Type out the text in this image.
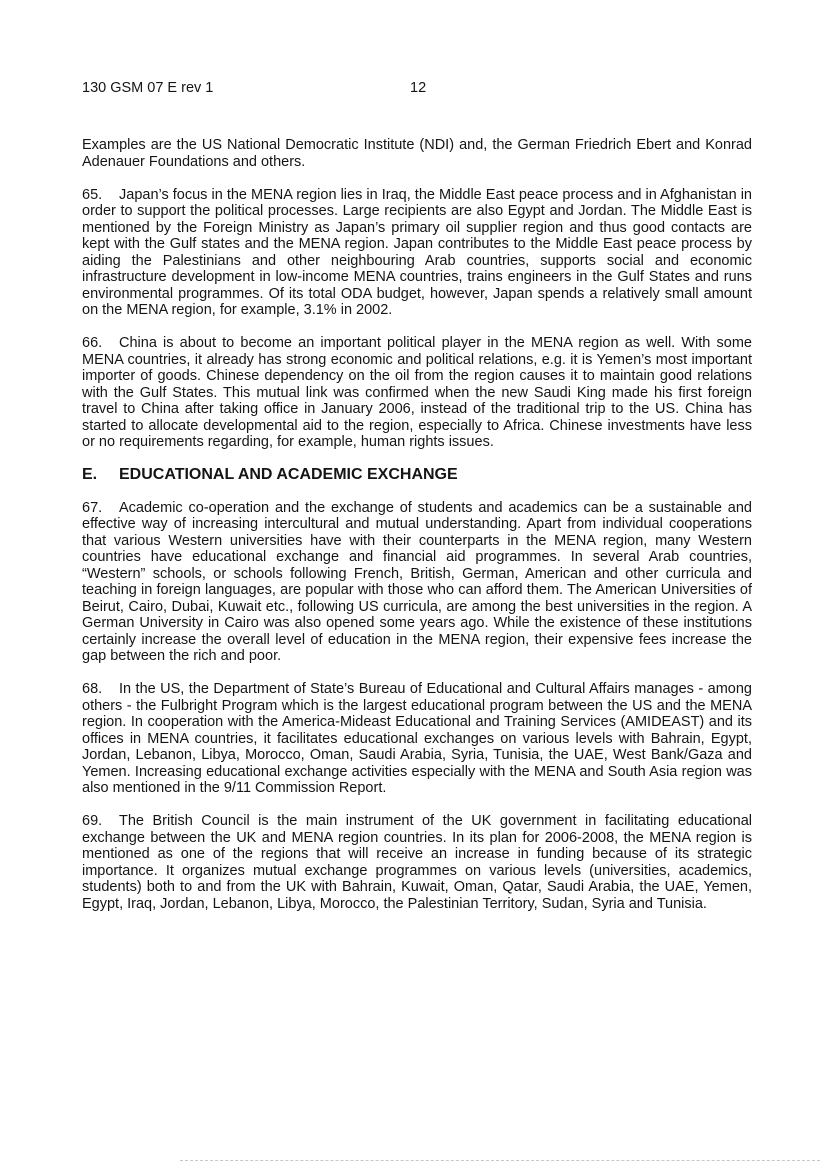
130 GSM 07 E rev 1	12

Examples are the US National Democratic Institute (NDI) and, the German Friedrich Ebert and Konrad Adenauer Foundations and others.

65. Japan’s focus in the MENA region lies in Iraq, the Middle East peace process and in Afghanistan in order to support the political processes. Large recipients are also Egypt and Jordan. The Middle East is mentioned by the Foreign Ministry as Japan’s primary oil supplier region and thus good contacts are kept with the Gulf states and the MENA region. Japan contributes to the Middle East peace process by aiding the Palestinians and other neighbouring Arab countries, supports social and economic infrastructure development in low-income MENA countries, trains engineers in the Gulf States and runs environmental programmes. Of its total ODA budget, however, Japan spends a relatively small amount on the MENA region, for example, 3.1% in 2002.

66. China is about to become an important political player in the MENA region as well. With some MENA countries, it already has strong economic and political relations, e.g. it is Yemen’s most important importer of goods. Chinese dependency on the oil from the region causes it to maintain good relations with the Gulf States. This mutual link was confirmed when the new Saudi King made his first foreign travel to China after taking office in January 2006, instead of the traditional trip to the US. China has started to allocate developmental aid to the region, especially to Africa. Chinese investments have less or no requirements regarding, for example, human rights issues.

E. EDUCATIONAL AND ACADEMIC EXCHANGE

67. Academic co-operation and the exchange of students and academics can be a sustainable and effective way of increasing intercultural and mutual understanding. Apart from individual cooperations that various Western universities have with their counterparts in the MENA region, many Western countries have educational exchange and financial aid programmes. In several Arab countries, “Western” schools, or schools following French, British, German, American and other curricula and teaching in foreign languages, are popular with those who can afford them. The American Universities of Beirut, Cairo, Dubai, Kuwait etc., following US curricula, are among the best universities in the region. A German University in Cairo was also opened some years ago. While the existence of these institutions certainly increase the overall level of education in the MENA region, their expensive fees increase the gap between the rich and poor.

68. In the US, the Department of State’s Bureau of Educational and Cultural Affairs manages - among others - the Fulbright Program which is the largest educational program between the US and the MENA region. In cooperation with the America-Mideast Educational and Training Services (AMIDEAST) and its offices in MENA countries, it facilitates educational exchanges on various levels with Bahrain, Egypt, Jordan, Lebanon, Libya, Morocco, Oman, Saudi Arabia, Syria, Tunisia, the UAE, West Bank/Gaza and Yemen. Increasing educational exchange activities especially with the MENA and South Asia region was also mentioned in the 9/11 Commission Report.

69. The British Council is the main instrument of the UK government in facilitating educational exchange between the UK and MENA region countries. In its plan for 2006-2008, the MENA region is mentioned as one of the regions that will receive an increase in funding because of its strategic importance. It organizes mutual exchange programmes on various levels (universities, academics, students) both to and from the UK with Bahrain, Kuwait, Oman, Qatar, Saudi Arabia, the UAE, Yemen, Egypt, Iraq, Jordan, Lebanon, Libya, Morocco, the Palestinian Territory, Sudan, Syria and Tunisia.
